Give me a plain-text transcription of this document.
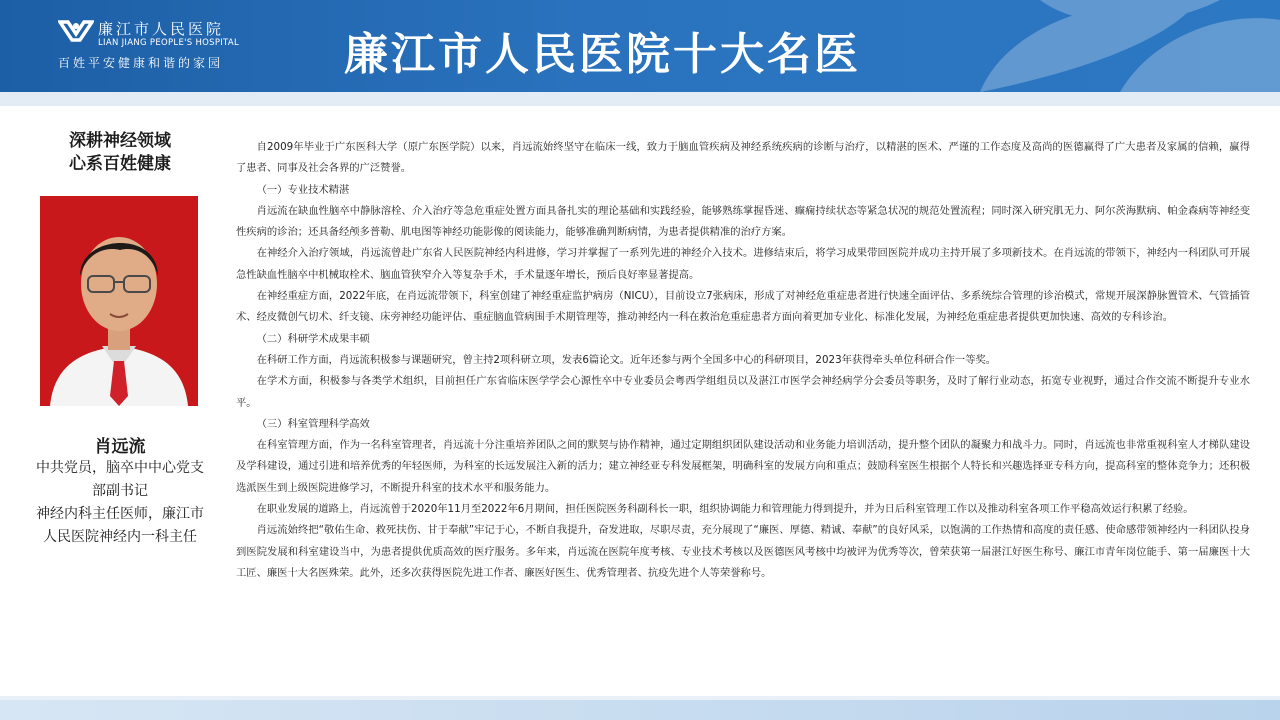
廉江市人民医院
LIAN JIANG PEOPLE'S HOSPITAL
百姓平安健康和谐的家园	廉江市人民医院十大名医
深耕神经领域
心系百姓健康
肖远流
中共党员，脑卒中中心党支部副书记
神经内科主任医师，廉江市人民医院神经内一科主任

自2009年毕业于广东医科大学（原广东医学院）以来，肖远流始终坚守在临床一线，致力于脑血管疾病及神经系统疾病的诊断与治疗，以精湛的医术、严谨的工作态度及高尚的医德赢得了广大患者及家属的信赖，赢得了患者、同事及社会各界的广泛赞誉。

（一）专业技术精湛

肖远流在缺血性脑卒中静脉溶栓、介入治疗等急危重症处置方面具备扎实的理论基础和实践经验，能够熟练掌握昏迷、癫痫持续状态等紧急状况的规范处置流程；同时深入研究肌无力、阿尔茨海默病、帕金森病等神经变性疾病的诊治；还具备经颅多普勒、肌电图等神经功能影像的阅读能力，能够准确判断病情，为患者提供精准的治疗方案。

在神经介入治疗领域，肖远流曾赴广东省人民医院神经内科进修，学习并掌握了一系列先进的神经介入技术。进修结束后，将学习成果带回医院并成功主持开展了多项新技术。在肖远流的带领下，神经内一科团队可开展急性缺血性脑卒中机械取栓术、脑血管狭窄介入等复杂手术，手术量逐年增长，预后良好率显著提高。

在神经重症方面，2022年底，在肖远流带领下，科室创建了神经重症监护病房（NICU），目前设立7张病床，形成了对神经危重症患者进行快速全面评估、多系统综合管理的诊治模式，常规开展深静脉置管术、气管插管术、经皮微创气切术、纤支镜、床旁神经功能评估、重症脑血管病围手术期管理等，推动神经内一科在救治危重症患者方面向着更加专业化、标准化发展，为神经危重症患者提供更加快速、高效的专科诊治。

（二）科研学术成果丰硕

在科研工作方面，肖远流积极参与课题研究，曾主持2项科研立项，发表6篇论文。近年还参与两个全国多中心的科研项目，2023年获得牵头单位科研合作一等奖。

在学术方面，积极参与各类学术组织，目前担任广东省临床医学学会心源性卒中专业委员会粤西学组组员以及湛江市医学会神经病学分会委员等职务，及时了解行业动态，拓宽专业视野，通过合作交流不断提升专业水平。

（三）科室管理科学高效

在科室管理方面，作为一名科室管理者，肖远流十分注重培养团队之间的默契与协作精神，通过定期组织团队建设活动和业务能力培训活动，提升整个团队的凝聚力和战斗力。同时，肖远流也非常重视科室人才梯队建设及学科建设，通过引进和培养优秀的年轻医师，为科室的长远发展注入新的活力；建立神经亚专科发展框架，明确科室的发展方向和重点；鼓励科室医生根据个人特长和兴趣选择亚专科方向，提高科室的整体竞争力；还积极选派医生到上级医院进修学习，不断提升科室的技术水平和服务能力。

在职业发展的道路上，肖远流曾于2020年11月至2022年6月期间，担任医院医务科副科长一职，组织协调能力和管理能力得到提升，并为日后科室管理工作以及推动科室各项工作平稳高效运行积累了经验。

肖远流始终把“敬佑生命、救死扶伤、甘于奉献”牢记于心，不断自我提升，奋发进取，尽职尽责，充分展现了“廉医、厚德、精诚、奉献”的良好风采，以饱满的工作热情和高度的责任感、使命感带领神经内一科团队投身到医院发展和科室建设当中，为患者提供优质高效的医疗服务。多年来，肖远流在医院年度考核、专业技术考核以及医德医风考核中均被评为优秀等次，曾荣获第一届湛江好医生称号、廉江市青年岗位能手、第一届廉医十大工匠、廉医十大名医殊荣。此外，还多次获得医院先进工作者、廉医好医生、优秀管理者、抗疫先进个人等荣誉称号。
